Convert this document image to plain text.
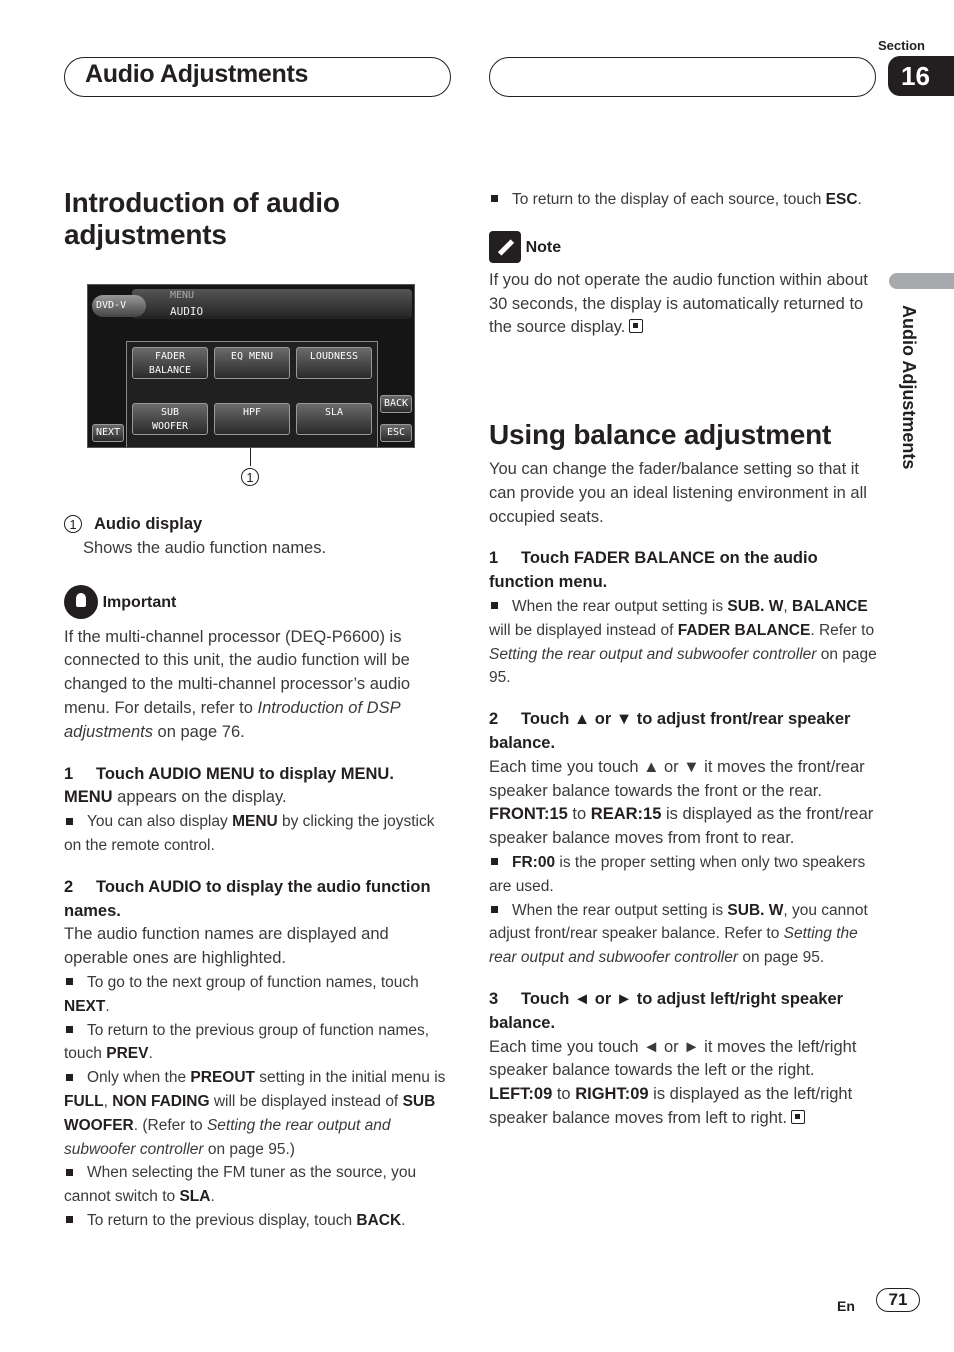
Audio Adjustments
Section
16
Audio Adjustments
Introduction of audio
adjustments
DVD-V
MENU
AUDIO
FADER
BALANCE
EQ MENU	LOUDNESS
SUB
WOOFER
HPF	SLA
NEXT
BACK
ESC
1

1 Audio display

Shows the audio function names.

Important

If the multi-channel processor (DEQ-P6600) is connected to this unit, the audio function will be changed to the multi-channel processor’s audio menu. For details, refer to Introduction of DSP adjustments on page 76.

1 Touch AUDIO MENU to display MENU.

MENU appears on the display.

You can also display MENU by clicking the joystick on the remote control.

2 Touch AUDIO to display the audio function names.

The audio function names are displayed and operable ones are highlighted.

To go to the next group of function names, touch NEXT.

To return to the previous group of function names, touch PREV.

Only when the PREOUT setting in the initial menu is FULL, NON FADING will be displayed instead of SUB WOOFER. (Refer to Setting the rear output and subwoofer controller on page 95.)

When selecting the FM tuner as the source, you cannot switch to SLA.

To return to the previous display, touch BACK.

To return to the display of each source, touch ESC.

Note

If you do not operate the audio function within about 30 seconds, the display is automatically returned to the source display.

Using balance adjustment

You can change the fader/balance setting so that it can provide you an ideal listening environment in all occupied seats.

1 Touch FADER BALANCE on the audio function menu.

When the rear output setting is SUB. W, BALANCE will be displayed instead of FADER BALANCE. Refer to Setting the rear output and subwoofer controller on page 95.

2 Touch ▲ or ▼ to adjust front/rear speaker balance.

Each time you touch ▲ or ▼ it moves the front/rear speaker balance towards the front or the rear.

FRONT:15 to REAR:15 is displayed as the front/rear speaker balance moves from front to rear.

FR:00 is the proper setting when only two speakers are used.

When the rear output setting is SUB. W, you cannot adjust front/rear speaker balance. Refer to Setting the rear output and subwoofer controller on page 95.

3 Touch ◄ or ► to adjust left/right speaker balance.

Each time you touch ◄ or ► it moves the left/right speaker balance towards the left or the right.

LEFT:09 to RIGHT:09 is displayed as the left/right speaker balance moves from left to right.

En	71
